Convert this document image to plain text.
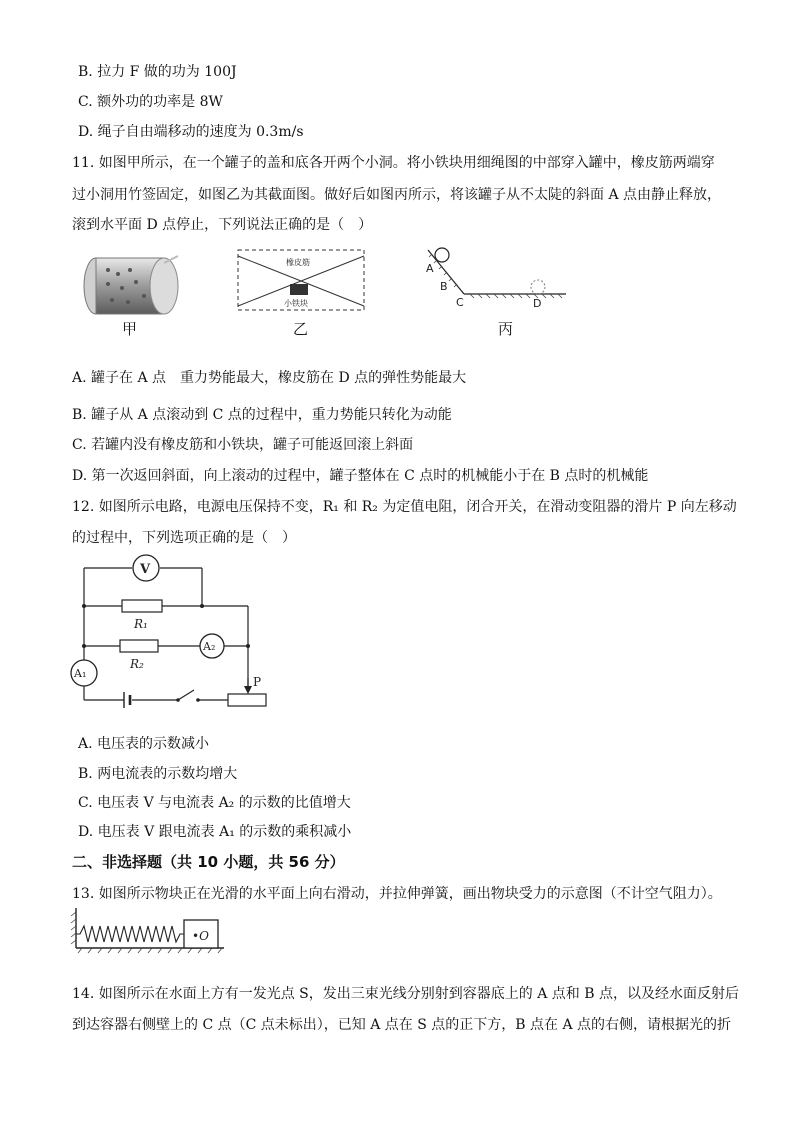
B. 拉力 F 做的功为 100J
C. 额外功的功率是 8W
D. 绳子自由端移动的速度为 0.3m/s
11. 如图甲所示，在一个罐子的盖和底各开两个小洞。将小铁块用细绳图的中部穿入罐中，橡皮筋两端穿
过小洞用竹签固定，如图乙为其截面图。做好后如图丙所示，将该罐子从不太陡的斜面 A 点由静止释放，
滚到水平面 D 点停止，下列说法正确的是（　）
甲
橡皮筋
小铁块
乙
A
B
C	D
丙
A. 罐子在 A 点　重力势能最大，橡皮筋在 D 点的弹性势能最大
B. 罐子从 A 点滚动到 C 点的过程中，重力势能只转化为动能
C. 若罐内没有橡皮筋和小铁块，罐子可能返回滚上斜面
D. 第一次返回斜面，向上滚动的过程中，罐子整体在 C 点时的机械能小于在 B 点时的机械能
12. 如图所示电路，电源电压保持不变，R₁ 和 R₂ 为定值电阻，闭合开关，在滑动变阻器的滑片 P 向左移动
的过程中，下列选项正确的是（　）
V
A₂
A₁
R₁
R₂
P
A. 电压表的示数减小
B. 两电流表的示数均增大
C. 电压表 V 与电流表 A₂ 的示数的比值增大
D. 电压表 V 跟电流表 A₁ 的示数的乘积减小
二、非选择题（共 10 小题，共 56 分）
13. 如图所示物块正在光滑的水平面上向右滑动，并拉伸弹簧，画出物块受力的示意图（不计空气阻力）。
•O
14. 如图所示在水面上方有一发光点 S，发出三束光线分别射到容器底上的 A 点和 B 点，以及经水面反射后
到达容器右侧壁上的 C 点（C 点未标出），已知 A 点在 S 点的正下方，B 点在 A 点的右侧，请根据光的折
